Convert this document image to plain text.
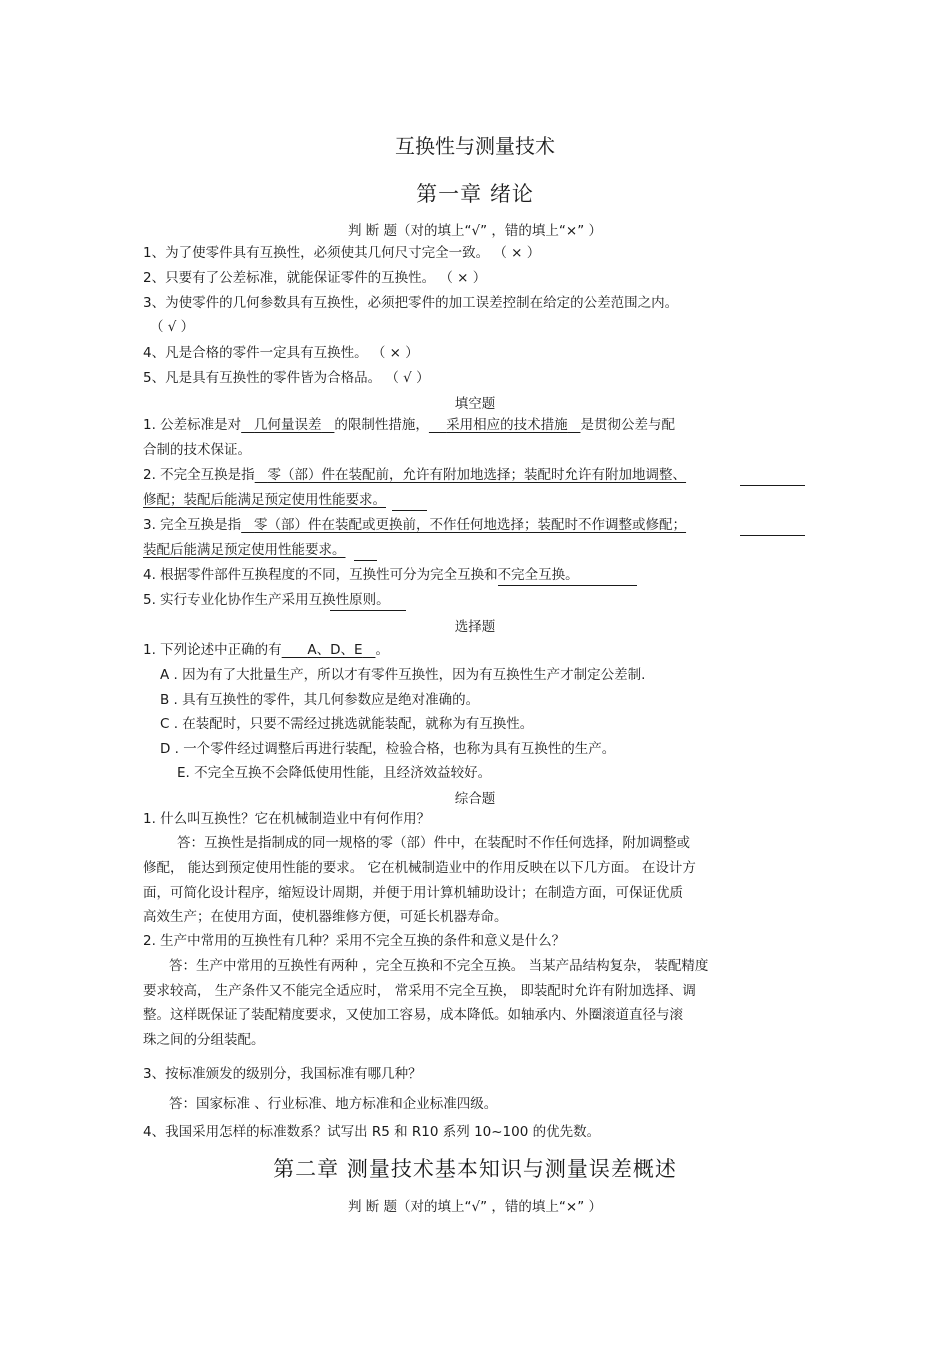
互换性与测量技术
第一章 绪论
判 断 题（对的填上“√” ，错的填上“×” ）
1、为了使零件具有互换性，必须使其几何尺寸完全一致。 （ × ）
2、只要有了公差标准，就能保证零件的互换性。 （ × ）
3、为使零件的几何参数具有互换性，必须把零件的加工误差控制在给定的公差范围之内。
（ √ ）
4、凡是合格的零件一定具有互换性。 （ × ）
5、凡是具有互换性的零件皆为合格品。 （ √ ）
填空题
1. 公差标准是对 几何量误差 的限制性措施， 采用相应的技术措施 是贯彻公差与配
合制的技术保证。
2. 不完全互换是指 零（部）件在装配前，允许有附加地选择；装配时允许有附加地调整、
修配；装配后能满足预定使用性能要求。
3. 完全互换是指 零（部）件在装配或更换前，不作任何地选择；装配时不作调整或修配；
装配后能满足预定使用性能要求。
4. 根据零件部件互换程度的不同，互换性可分为完全互换和不完全互换。
5. 实行专业化协作生产采用互换性原则。
选择题
1. 下列论述中正确的有 A、D、E 。
A . 因为有了大批量生产，所以才有零件互换性，因为有互换性生产才制定公差制.
B . 具有互换性的零件，其几何参数应是绝对准确的。
C . 在装配时，只要不需经过挑选就能装配，就称为有互换性。
D . 一个零件经过调整后再进行装配，检验合格，也称为具有互换性的生产。
E. 不完全互换不会降低使用性能，且经济效益较好。
综合题
1. 什么叫互换性？它在机械制造业中有何作用？
答：互换性是指制成的同一规格的零（部）件中，在装配时不作任何选择，附加调整或
修配， 能达到预定使用性能的要求。 它在机械制造业中的作用反映在以下几方面。 在设计方
面，可简化设计程序，缩短设计周期，并便于用计算机辅助设计；在制造方面，可保证优质
高效生产；在使用方面，使机器维修方便，可延长机器寿命。
2. 生产中常用的互换性有几种？采用不完全互换的条件和意义是什么？
答：生产中常用的互换性有两种 ，完全互换和不完全互换。 当某产品结构复杂， 装配精度
要求较高， 生产条件又不能完全适应时， 常采用不完全互换， 即装配时允许有附加选择、调
整。这样既保证了装配精度要求，又使加工容易，成本降低。如轴承内、外圈滚道直径与滚
珠之间的分组装配。
3、按标准颁发的级别分，我国标准有哪几种？
答：国家标准 、行业标准、地方标准和企业标准四级。
4、我国采用怎样的标准数系？试写出 R5 和 R10 系列 10~100 的优先数。
第二章 测量技术基本知识与测量误差概述
判 断 题（对的填上“√” ，错的填上“×” ）
